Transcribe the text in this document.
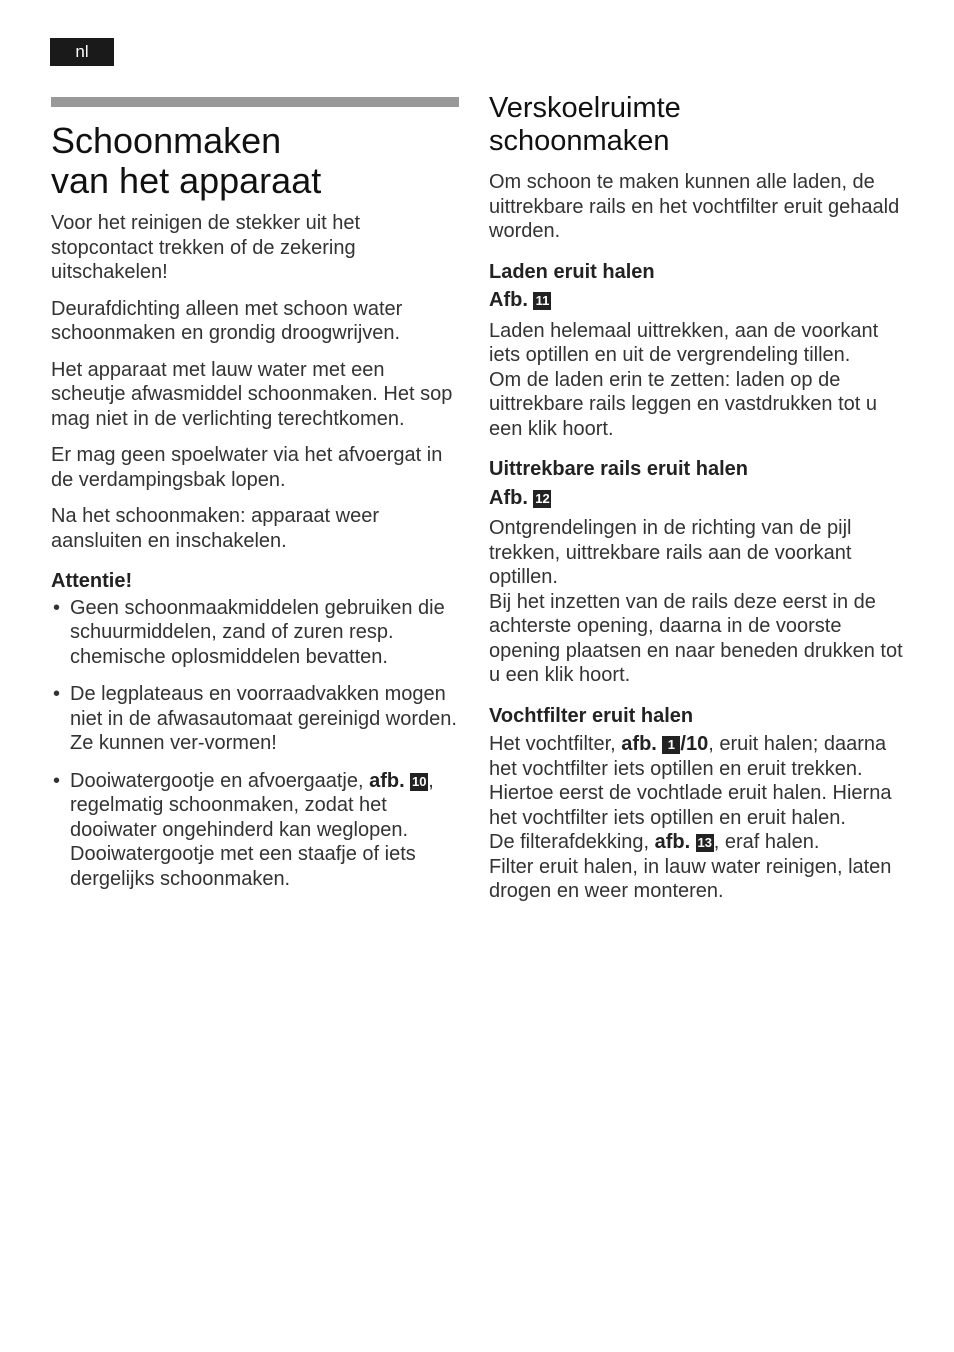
nl
Schoonmaken
van het apparaat

Voor het reinigen de stekker uit het stopcontact trekken of de zekering uitschakelen!

Deurafdichting alleen met schoon water schoonmaken en grondig droogwrijven.

Het apparaat met lauw water met een scheutje afwasmiddel schoonmaken. Het sop mag niet in de verlichting terechtkomen.

Er mag geen spoelwater via het afvoergat in de verdampingsbak lopen.

Na het schoonmaken: apparaat weer aansluiten en inschakelen.

Attentie!
• Geen schoonmaakmiddelen gebruiken die schuurmiddelen, zand of zuren resp. chemische oplosmiddelen bevatten.
• De legplateaus en voorraadvakken mogen niet in de afwasautomaat gereinigd worden. Ze kunnen ver-vormen!
• Dooiwatergootje en afvoergaatje, afb. 10, regelmatig schoonmaken, zodat het dooiwater ongehinderd kan weglopen. Dooiwatergootje met een staafje of iets dergelijks schoonmaken.
Verskoelruimte
schoonmaken

Om schoon te maken kunnen alle laden, de uittrekbare rails en het vochtfilter eruit gehaald worden.

Laden eruit halen
Afb. 11

Laden helemaal uittrekken, aan de voorkant iets optillen en uit de vergrendeling tillen.

Om de laden erin te zetten: laden op de uittrekbare rails leggen en vastdrukken tot u een klik hoort.

Uittrekbare rails eruit halen
Afb. 12

Ontgrendelingen in de richting van de pijl trekken, uittrekbare rails aan de voorkant optillen.

Bij het inzetten van de rails deze eerst in de achterste opening, daarna in de voorste opening plaatsen en naar beneden drukken tot u een klik hoort.

Vochtfilter eruit halen

Het vochtfilter, afb. 1 /10, eruit halen; daarna het vochtfilter iets optillen en eruit trekken. Hiertoe eerst de vochtlade eruit halen. Hierna het vochtfilter iets optillen en eruit halen.

De filterafdekking, afb. 13, eraf halen.

Filter eruit halen, in lauw water reinigen, laten drogen en weer monteren.
